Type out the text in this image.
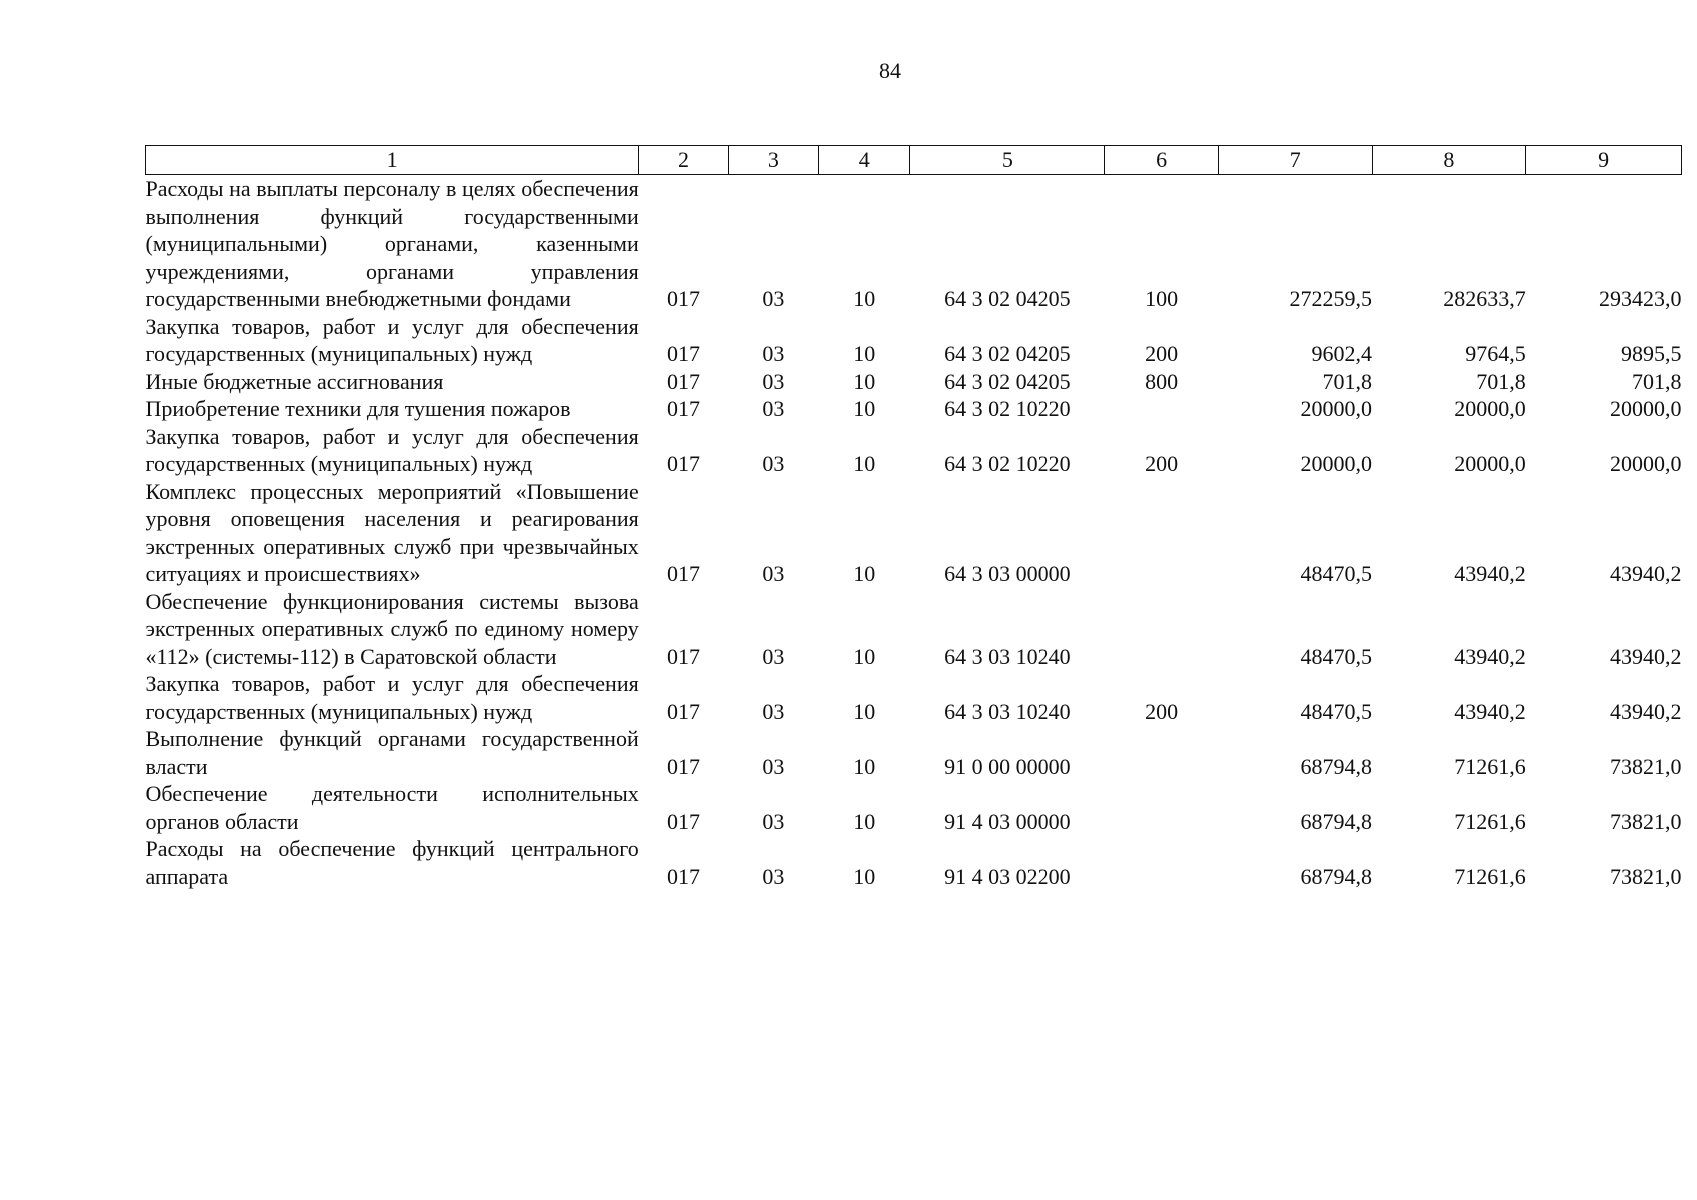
84
1	2	3	4	5	6	7	8	9
Расходы на выплаты персоналу в целях обеспечения выполнения функций госудаpственными (муниципальными) органами, казенными учреждениями, органами управления государственными внебюджетными фондами	017	03	10	64 3 02 04205	100	272259,5	282633,7	293423,0
Закупка товаров, работ и услуг для обеспечения государственных (муниципальных) нужд	017	03	10	64 3 02 04205	200	9602,4	9764,5	9895,5
Иные бюджетные ассигнования	017	03	10	64 3 02 04205	800	701,8	701,8	701,8
Приобретение техники для тушения пожаров	017	03	10	64 3 02 10220		20000,0	20000,0	20000,0
Закупка товаров, работ и услуг для обеспечения государственных (муниципальных) нужд	017	03	10	64 3 02 10220	200	20000,0	20000,0	20000,0
Комплекс процессных мероприятий «Повышение уровня оповещения населения и реагирования экстренных оперативных служб при чрезвычайных ситуациях и происшествиях»	017	03	10	64 3 03 00000		48470,5	43940,2	43940,2
Обеспечение функционирования системы вызова экстренных оперативных служб по единому номеру «112» (системы-112) в Саратовской области	017	03	10	64 3 03 10240		48470,5	43940,2	43940,2
Закупка товаров, работ и услуг для обеспечения государственных (муниципальных) нужд	017	03	10	64 3 03 10240	200	48470,5	43940,2	43940,2
Выполнение функций органами государственной власти	017	03	10	91 0 00 00000		68794,8	71261,6	73821,0
Обеспечение деятельности исполнительных органов области	017	03	10	91 4 03 00000		68794,8	71261,6	73821,0
Расходы на обеспечение функций центрального аппарата	017	03	10	91 4 03 02200		68794,8	71261,6	73821,0
